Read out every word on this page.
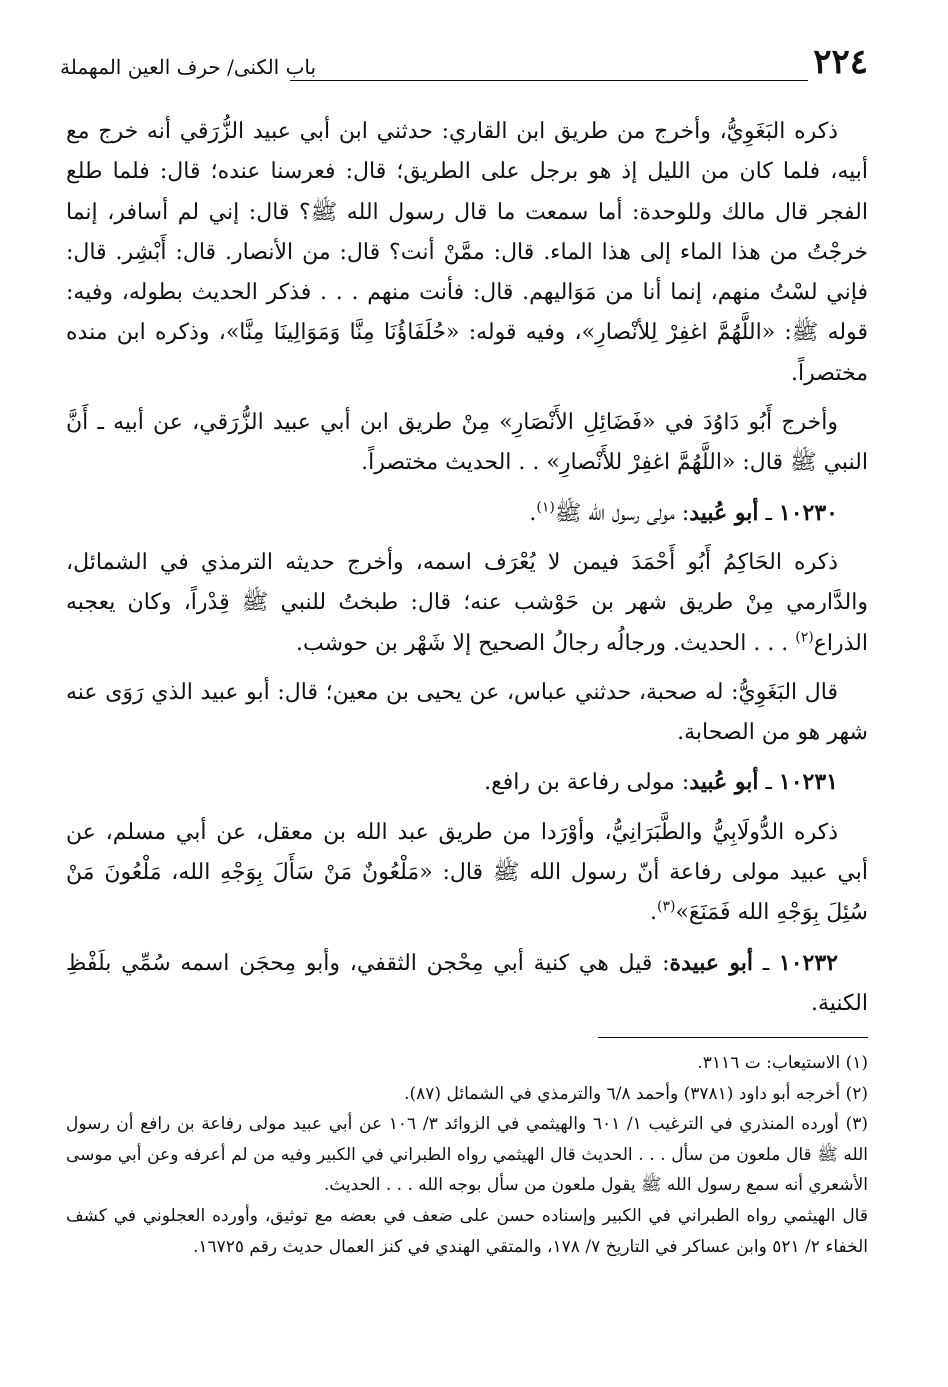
٢٢٤
باب الكنى/ حرف العين المهملة

ذكره البَغَوِيُّ، وأخرج من طريق ابن القاري: حدثني ابن أبي عبيد الزُّرَقي أنه خرج مع أبيه، فلما كان من الليل إذ هو برجل على الطريق؛ قال: فعرسنا عنده؛ قال: فلما طلع الفجر قال مالك وللوحدة: أما سمعت ما قال رسول الله ﷺ؟ قال: إني لم أسافر، إنما خرجْتُ من هذا الماء إلى هذا الماء. قال: ممَّنْ أنت؟ قال: من الأنصار. قال: أَبْشِر. قال: فإني لسْتُ منهم، إنما أنا من مَوَاليهم. قال: فأنت منهم . . . فذكر الحديث بطوله، وفيه: قوله ﷺ: «اللَّهُمَّ اغفِرْ لِلأنْصارِ»، وفيه قوله: «حُلَفَاؤُنَا مِنَّا وَمَوَالِينَا مِنَّا»، وذكره ابن منده مختصراً.

وأخرج أَبُو دَاوُدَ في «فَضَائِلِ الأَنْصَارِ» مِنْ طريق ابن أبي عبيد الزُّرَقي، عن أبيه ـ أَنَّ النبي ﷺ قال: «اللَّهُمَّ اغفِرْ للأَنْصارِ» . . الحديث مختصراً.

١٠٢٣٠ ـ أبو عُبيد: مولى رسول الله ﷺ$^{(١)}$.

ذكره الحَاكِمُ أَبُو أَحْمَدَ فيمن لا يُعْرَف اسمه، وأخرج حديثه الترمذي في الشمائل، والدَّارمي مِنْ طريق شهر بن حَوْشب عنه؛ قال: طبختُ للنبي ﷺ قِدْراً، وكان يعجبه الذراع$^{(٢)}$ . . . الحديث. ورجالُه رجالُ الصحيح إلا شَهْر بن حوشب.

قال البَغَوِيُّ: له صحبة، حدثني عباس، عن يحيى بن معين؛ قال: أبو عبيد الذي رَوَى عنه شهر هو من الصحابة.

١٠٢٣١ ـ أبو عُبيد: مولى رفاعة بن رافع.

ذكره الدُّولَابِيُّ والطَّبَرَانِيُّ، وأوْرَدا من طريق عبد الله بن معقل، عن أبي مسلم، عن أبي عبيد مولى رفاعة أنّ رسول الله ﷺ قال: «مَلْعُونٌ مَنْ سَأَلَ بِوَجْهِ الله، مَلْعُونَ مَنْ سُئِلَ بِوَجْهِ الله فَمَنَعَ»$^{(٣)}$.

١٠٢٣٢ ـ أبو عبيدة: قيل هي كنية أبي مِحْجن الثقفي، وأبو مِحجَن اسمه سُمِّي بلَفْظِ الكنية.

(١) الاستيعاب: ت ٣١١٦.

(٢) أخرجه أبو داود (٣٧٨١) وأحمد ٦/٨ والترمذي في الشمائل (٨٧).

(٣) أورده المنذري في الترغيب ١/ ٦٠١ والهيثمي في الزوائد ٣/ ١٠٦ عن أبي عبيد مولى رفاعة بن رافع أن رسول الله ﷺ قال ملعون من سأل . . . الحديث قال الهيثمي رواه الطبراني في الكبير وفيه من لم أعرفه وعن أبي موسى الأشعري أنه سمع رسول الله ﷺ يقول ملعون من سأل بوجه الله . . . الحديث.

قال الهيثمي رواه الطبراني في الكبير وإسناده حسن على ضعف في بعضه مع توثيق، وأورده العجلوني في كشف الخفاء ٢/ ٥٢١ وابن عساكر في التاريخ ٧/ ١٧٨، والمتقي الهندي في كنز العمال حديث رقم ١٦٧٢٥.
